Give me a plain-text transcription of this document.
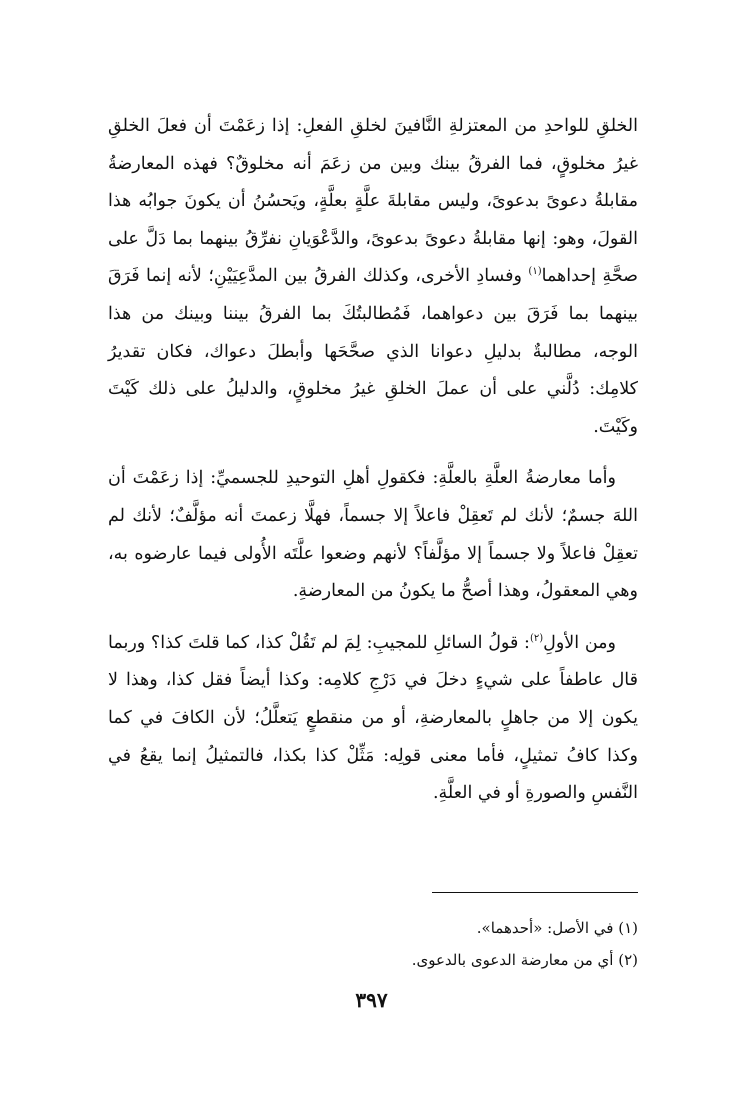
الخلقِ للواحدِ من المعتزلةِ النَّافينَ لخلقِ الفعلِ: إذا زعَمْتَ أن فعلَ الخلقِ غيرُ مخلوقٍ، فما الفرقُ بينك وبين من زعَمَ أنه مخلوقٌ؟ فهذه المعارضةُ مقابلةُ دعوىً بدعوىً، وليس مقابلةَ علَّةٍ بعلَّةٍ، ويَحسُنُ أن يكونَ جوابُه هذا القولَ، وهو: إنها مقابلةُ دعوىً بدعوىً، والدَّعْوَيانِ نفرِّقُ بينهما بما دَلَّ على صحَّةِ إحداهما$^{(١)}$ وفسادِ الأخرى، وكذلك الفرقُ بين المدَّعِيَيْنِ؛ لأنه إنما فَرَقَ بينهما بما فَرَقَ بين دعواهما، فَمُطالبتُكَ بما الفرقُ بيننا وبينك من هذا الوجه، مطالبةٌ بدليلِ دعوانا الذي صحَّحَها وأبطلَ دعواك، فكان تقديرُ كلامِك: دُلَّني على أن عملَ الخلقِ غيرُ مخلوقٍ، والدليلُ على ذلك كَيْتَ وكَيْتَ.

وأما معارضةُ العلَّةِ بالعلَّةِ: فكقولِ أهلِ التوحيدِ للجسميِّ: إذا زعَمْتَ أن اللهَ جسمٌ؛ لأنك لم تَعقِلْ فاعلاً إلا جسماً، فهلَّا زعمتَ أنه مؤلَّفٌ؛ لأنك لم تعقِلْ فاعلاً ولا جسماً إلا مؤلَّفاً؟ لأنهم وضعوا علَّتَه الأُولى فيما عارضوه به، وهي المعقولُ، وهذا أصحُّ ما يكونُ من المعارضةِ.

ومن الأولِ$^{(٢)}$: قولُ السائلِ للمجيبِ: لِمَ لم تَقُلْ كذا، كما قلتَ كذا؟ وربما قال عاطفاً على شيءٍ دخلَ في دَرْجِ كلامِه: وكذا أيضاً فقل كذا، وهذا لا يكون إلا من جاهلٍ بالمعارضةِ، أو من منقطعٍ يَتعلَّلُ؛ لأن الكافَ في كما وكذا كافُ تمثيلٍ، فأما معنى قولِه: مَثِّلْ كذا بكذا، فالتمثيلُ إنما يقعُ في النَّفسِ والصورةِ أو في العلَّةِ.

(١) في الأصل: «أحدهما».

(٢) أي من معارضة الدعوى بالدعوى.

٣٩٧
